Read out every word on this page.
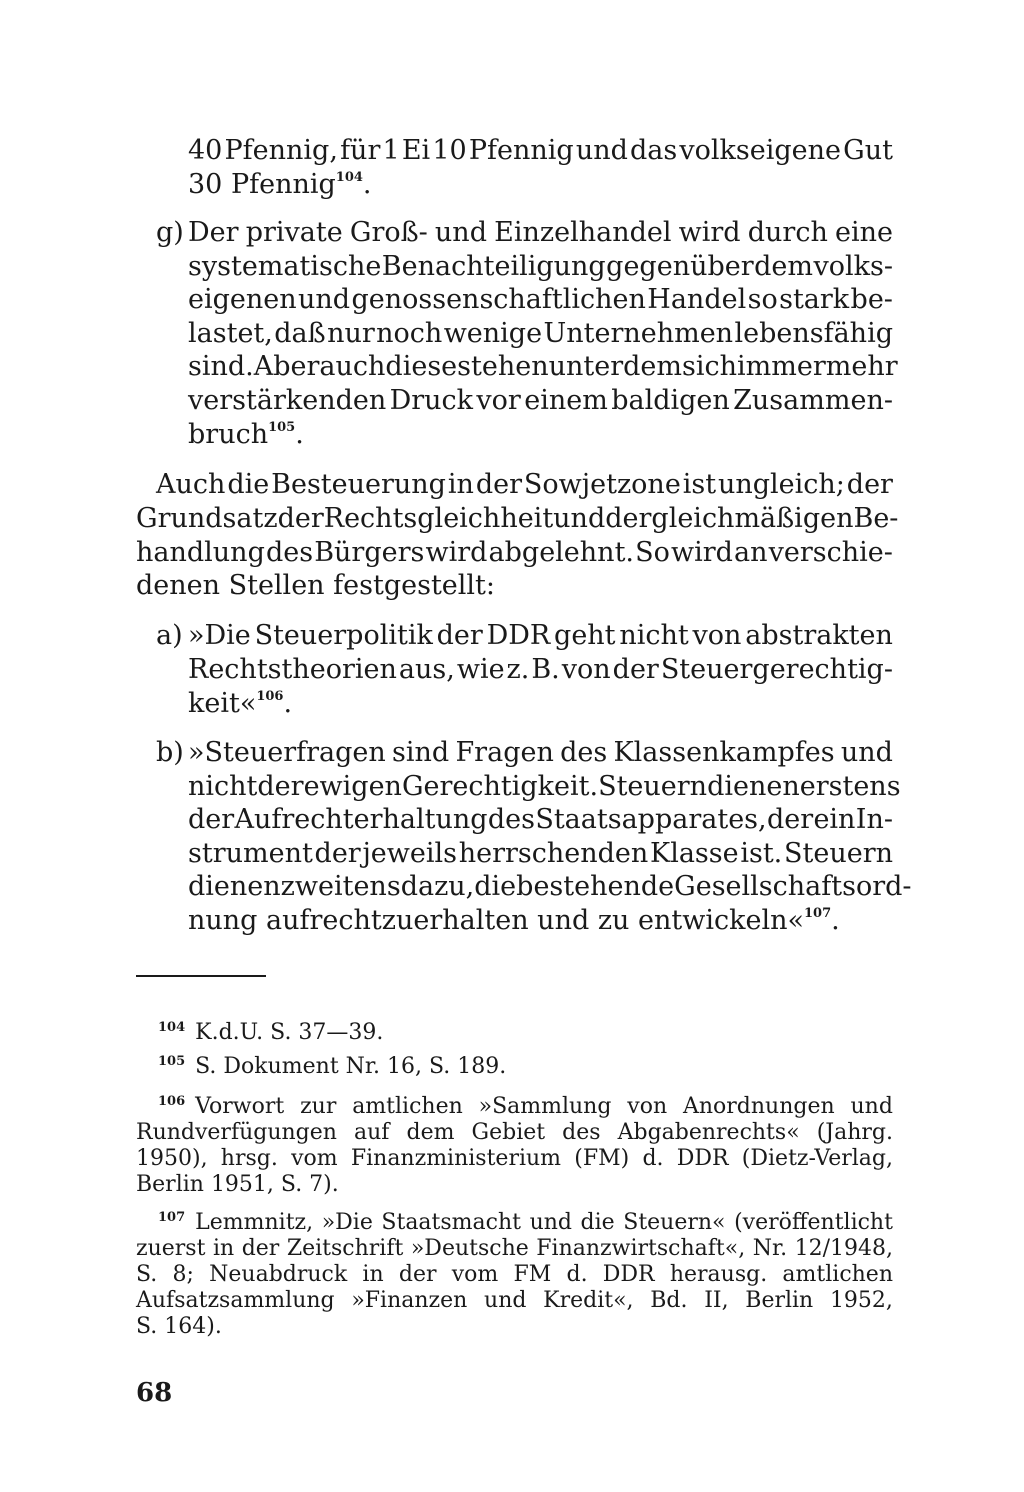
40 Pfennig, für 1 Ei 10 Pfennig und das volkseigene Gut
30 Pfennig$^{104}$.
g) Der private Groß- und Einzelhandel wird durch eine
systematische Benachteiligung gegenüber dem volks-
eigenen und genossenschaftlichen Handel so stark be-
lastet, daß nur noch wenige Unternehmen lebensfähig
sind. Aber auch diese stehen unter dem sich immer mehr
verstärkenden Druck vor einem baldigen Zusammen-
bruch$^{105}$.
Auch die Besteuerung in der Sowjetzone ist ungleich; der
Grundsatz der Rechtsgleichheit und der gleichmäßigen Be-
handlung des Bürgers wird abgelehnt. So wird an verschie-
denen Stellen festgestellt:
a) »Die Steuerpolitik der DDR geht nicht von abstrakten
Rechtstheorien aus, wie z. B. von der Steuergerechtig-
keit«$^{106}$.
b) »Steuerfragen sind Fragen des Klassenkampfes und
nicht der ewigen Gerechtigkeit. Steuern dienen erstens
der Aufrechterhaltung des Staatsapparates, der ein In-
strument der jeweils herrschenden Klasse ist. Steuern
dienen zweitens dazu, die bestehende Gesellschaftsord-
nung aufrechtzuerhalten und zu entwickeln«$^{107}$.
$^{104}$ K.d.U. S. 37—39.
$^{105}$ S. Dokument Nr. 16, S. 189.
$^{106}$ Vorwort zur amtlichen »Sammlung von Anordnungen und
Rundverfügungen auf dem Gebiet des Abgabenrechts« (Jahrg.
1950), hrsg. vom Finanzministerium (FM) d. DDR (Dietz-Verlag,
Berlin 1951, S. 7).
$^{107}$ Lemmnitz, »Die Staatsmacht und die Steuern« (veröffentlicht
zuerst in der Zeitschrift »Deutsche Finanzwirtschaft«, Nr. 12/1948,
S. 8; Neuabdruck in der vom FM d. DDR herausg. amtlichen
Aufsatzsammlung »Finanzen und Kredit«, Bd. II, Berlin 1952,
S. 164).
68
